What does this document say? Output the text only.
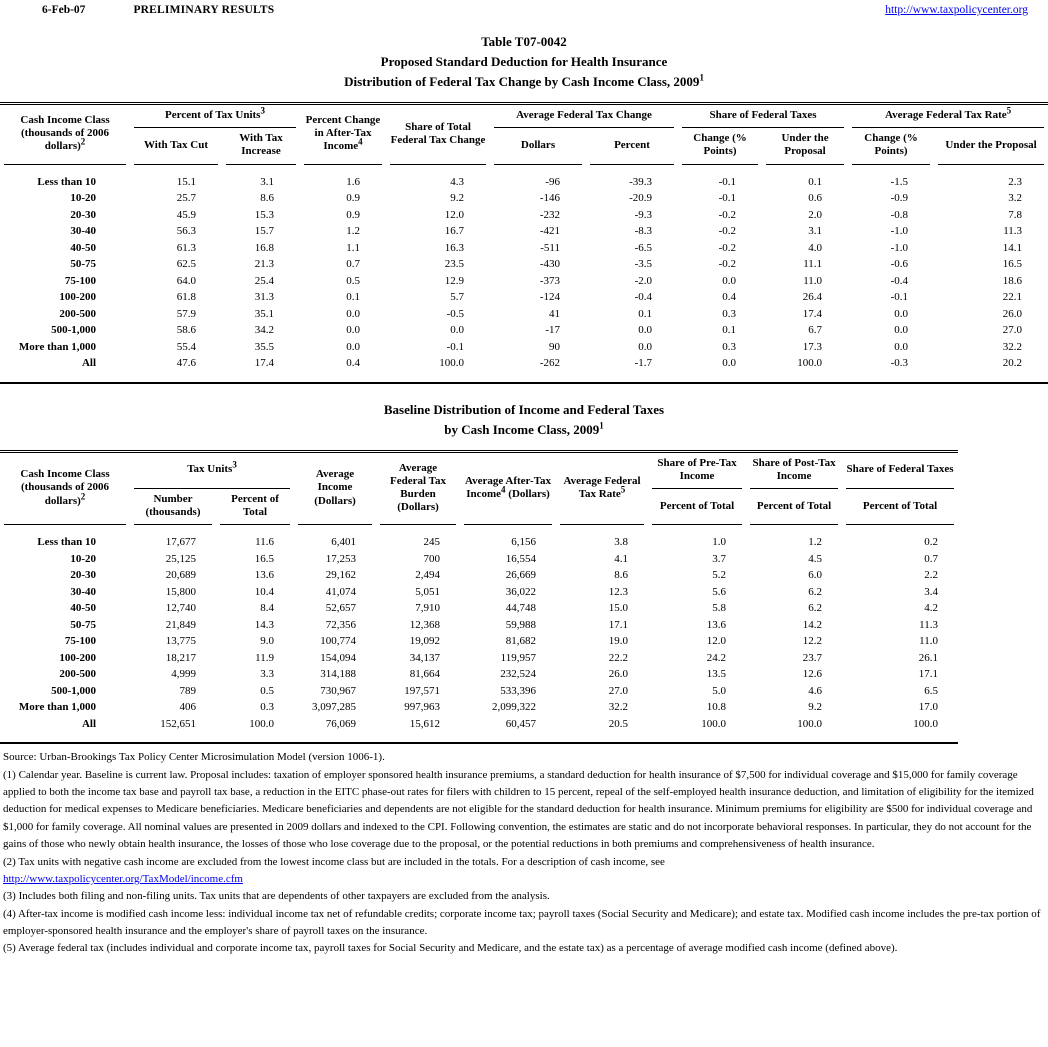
6-Feb-07	PRELIMINARY RESULTS	http://www.taxpolicycenter.org
Table T07-0042
Proposed Standard Deduction for Health Insurance
Distribution of Federal Tax Change by Cash Income Class, 2009$^1$
Cash Income Class (thousands of 2006 dollars)$^2$	Percent of Tax Units$^3$		Percent Change in After-Tax Income$^4$	Share of Total Federal Tax Change	Average Federal Tax Change		Share of Federal Taxes		Average Federal Tax Rate$^5$
	With Tax Cut	With Tax Increase			Dollars	Percent	Change (% Points)	Under the Proposal	Change (% Points)	Under the Proposal
Less than 10	15.1	3.1	1.6	4.3	-96	-39.3	-0.1	0.1	-1.5	2.3
10-20	25.7	8.6	0.9	9.2	-146	-20.9	-0.1	0.6	-0.9	3.2
20-30	45.9	15.3	0.9	12.0	-232	-9.3	-0.2	2.0	-0.8	7.8
30-40	56.3	15.7	1.2	16.7	-421	-8.3	-0.2	3.1	-1.0	11.3
40-50	61.3	16.8	1.1	16.3	-511	-6.5	-0.2	4.0	-1.0	14.1
50-75	62.5	21.3	0.7	23.5	-430	-3.5	-0.2	11.1	-0.6	16.5
75-100	64.0	25.4	0.5	12.9	-373	-2.0	0.0	11.0	-0.4	18.6
100-200	61.8	31.3	0.1	5.7	-124	-0.4	0.4	26.4	-0.1	22.1
200-500	57.9	35.1	0.0	-0.5	41	0.1	0.3	17.4	0.0	26.0
500-1,000	58.6	34.2	0.0	0.0	-17	0.0	0.1	6.7	0.0	27.0
More than 1,000	55.4	35.5	0.0	-0.1	90	0.0	0.3	17.3	0.0	32.2
All	47.6	17.4	0.4	100.0	-262	-1.7	0.0	100.0	-0.3	20.2
Baseline Distribution of Income and Federal Taxes
by Cash Income Class, 2009$^1$
Cash Income Class (thousands of 2006 dollars)$^2$	Tax Units$^3$		Average Income (Dollars)	Average Federal Tax Burden (Dollars)	Average After-Tax Income$^4$ (Dollars)	Average Federal Tax Rate$^5$	Share of Pre-Tax Income	Share of Post-Tax Income	Share of Federal Taxes
	Number (thousands)	Percent of Total					Percent of Total	Percent of Total	Percent of Total
Less than 10	17,677	11.6	6,401	245	6,156	3.8	1.0	1.2	0.2
10-20	25,125	16.5	17,253	700	16,554	4.1	3.7	4.5	0.7
20-30	20,689	13.6	29,162	2,494	26,669	8.6	5.2	6.0	2.2
30-40	15,800	10.4	41,074	5,051	36,022	12.3	5.6	6.2	3.4
40-50	12,740	8.4	52,657	7,910	44,748	15.0	5.8	6.2	4.2
50-75	21,849	14.3	72,356	12,368	59,988	17.1	13.6	14.2	11.3
75-100	13,775	9.0	100,774	19,092	81,682	19.0	12.0	12.2	11.0
100-200	18,217	11.9	154,094	34,137	119,957	22.2	24.2	23.7	26.1
200-500	4,999	3.3	314,188	81,664	232,524	26.0	13.5	12.6	17.1
500-1,000	789	0.5	730,967	197,571	533,396	27.0	5.0	4.6	6.5
More than 1,000	406	0.3	3,097,285	997,963	2,099,322	32.2	10.8	9.2	17.0
All	152,651	100.0	76,069	15,612	60,457	20.5	100.0	100.0	100.0

Source: Urban-Brookings Tax Policy Center Microsimulation Model (version 1006-1).

(1) Calendar year. Baseline is current law. Proposal includes: taxation of employer sponsored health insurance premiums, a standard deduction for health insurance of $7,500 for individual coverage and $15,000 for family coverage applied to both the income tax base and payroll tax base, a reduction in the EITC phase-out rates for filers with children to 15 percent, repeal of the self-employed health insurance deduction, and limitation of eligibility for the itemized deduction for medical expenses to Medicare beneficiaries. Medicare beneficiaries and dependents are not eligible for the standard deduction for health insurance. Minimum premiums for eligibility are $500 for individual coverage and $1,000 for family coverage. All nominal values are presented in 2009 dollars and indexed to the CPI. Following convention, the estimates are static and do not incorporate behavioral responses. In particular, they do not account for the gains of those who newly obtain health insurance, the losses of those who lose coverage due to the proposal, or the potential reductions in both premiums and comprehensiveness of health insurance.

(2) Tax units with negative cash income are excluded from the lowest income class but are included in the totals. For a description of cash income, see

http://www.taxpolicycenter.org/TaxModel/income.cfm

(3) Includes both filing and non-filing units. Tax units that are dependents of other taxpayers are excluded from the analysis.

(4) After-tax income is modified cash income less: individual income tax net of refundable credits; corporate income tax; payroll taxes (Social Security and Medicare); and estate tax. Modified cash income includes the pre-tax portion of employer-sponsored health insurance and the employer's share of payroll taxes on the insurance.

(5) Average federal tax (includes individual and corporate income tax, payroll taxes for Social Security and Medicare, and the estate tax) as a percentage of average modified cash income (defined above).
